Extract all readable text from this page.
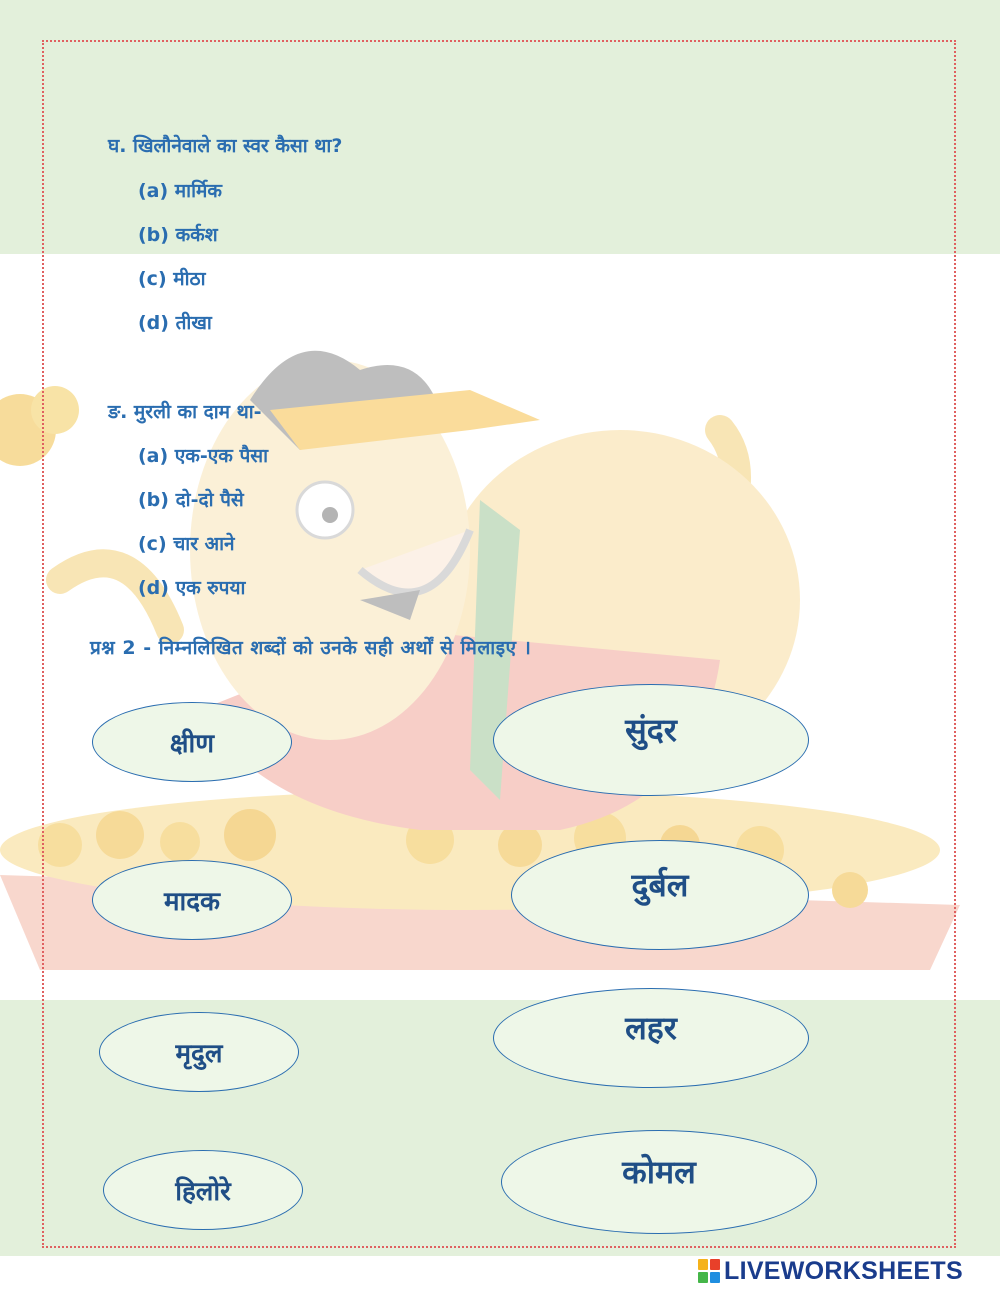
घ. खिलौनेवाले का स्वर कैसा था?

(a) मार्मिक

(b) कर्कश

(c) मीठा

(d) तीखा

ङ. मुरली का दाम था-

(a) एक-एक पैसा

(b) दो-दो पैसे

(c) चार आने

(d) एक रुपया

प्रश्न 2 - निम्नलिखित शब्दों को उनके सही अर्थों से मिलाइए ।

क्षीण
मादक
मृदुल
हिलोरे
सुंदर
दुर्बल
लहर
कोमल
LIVEWORKSHEETS
